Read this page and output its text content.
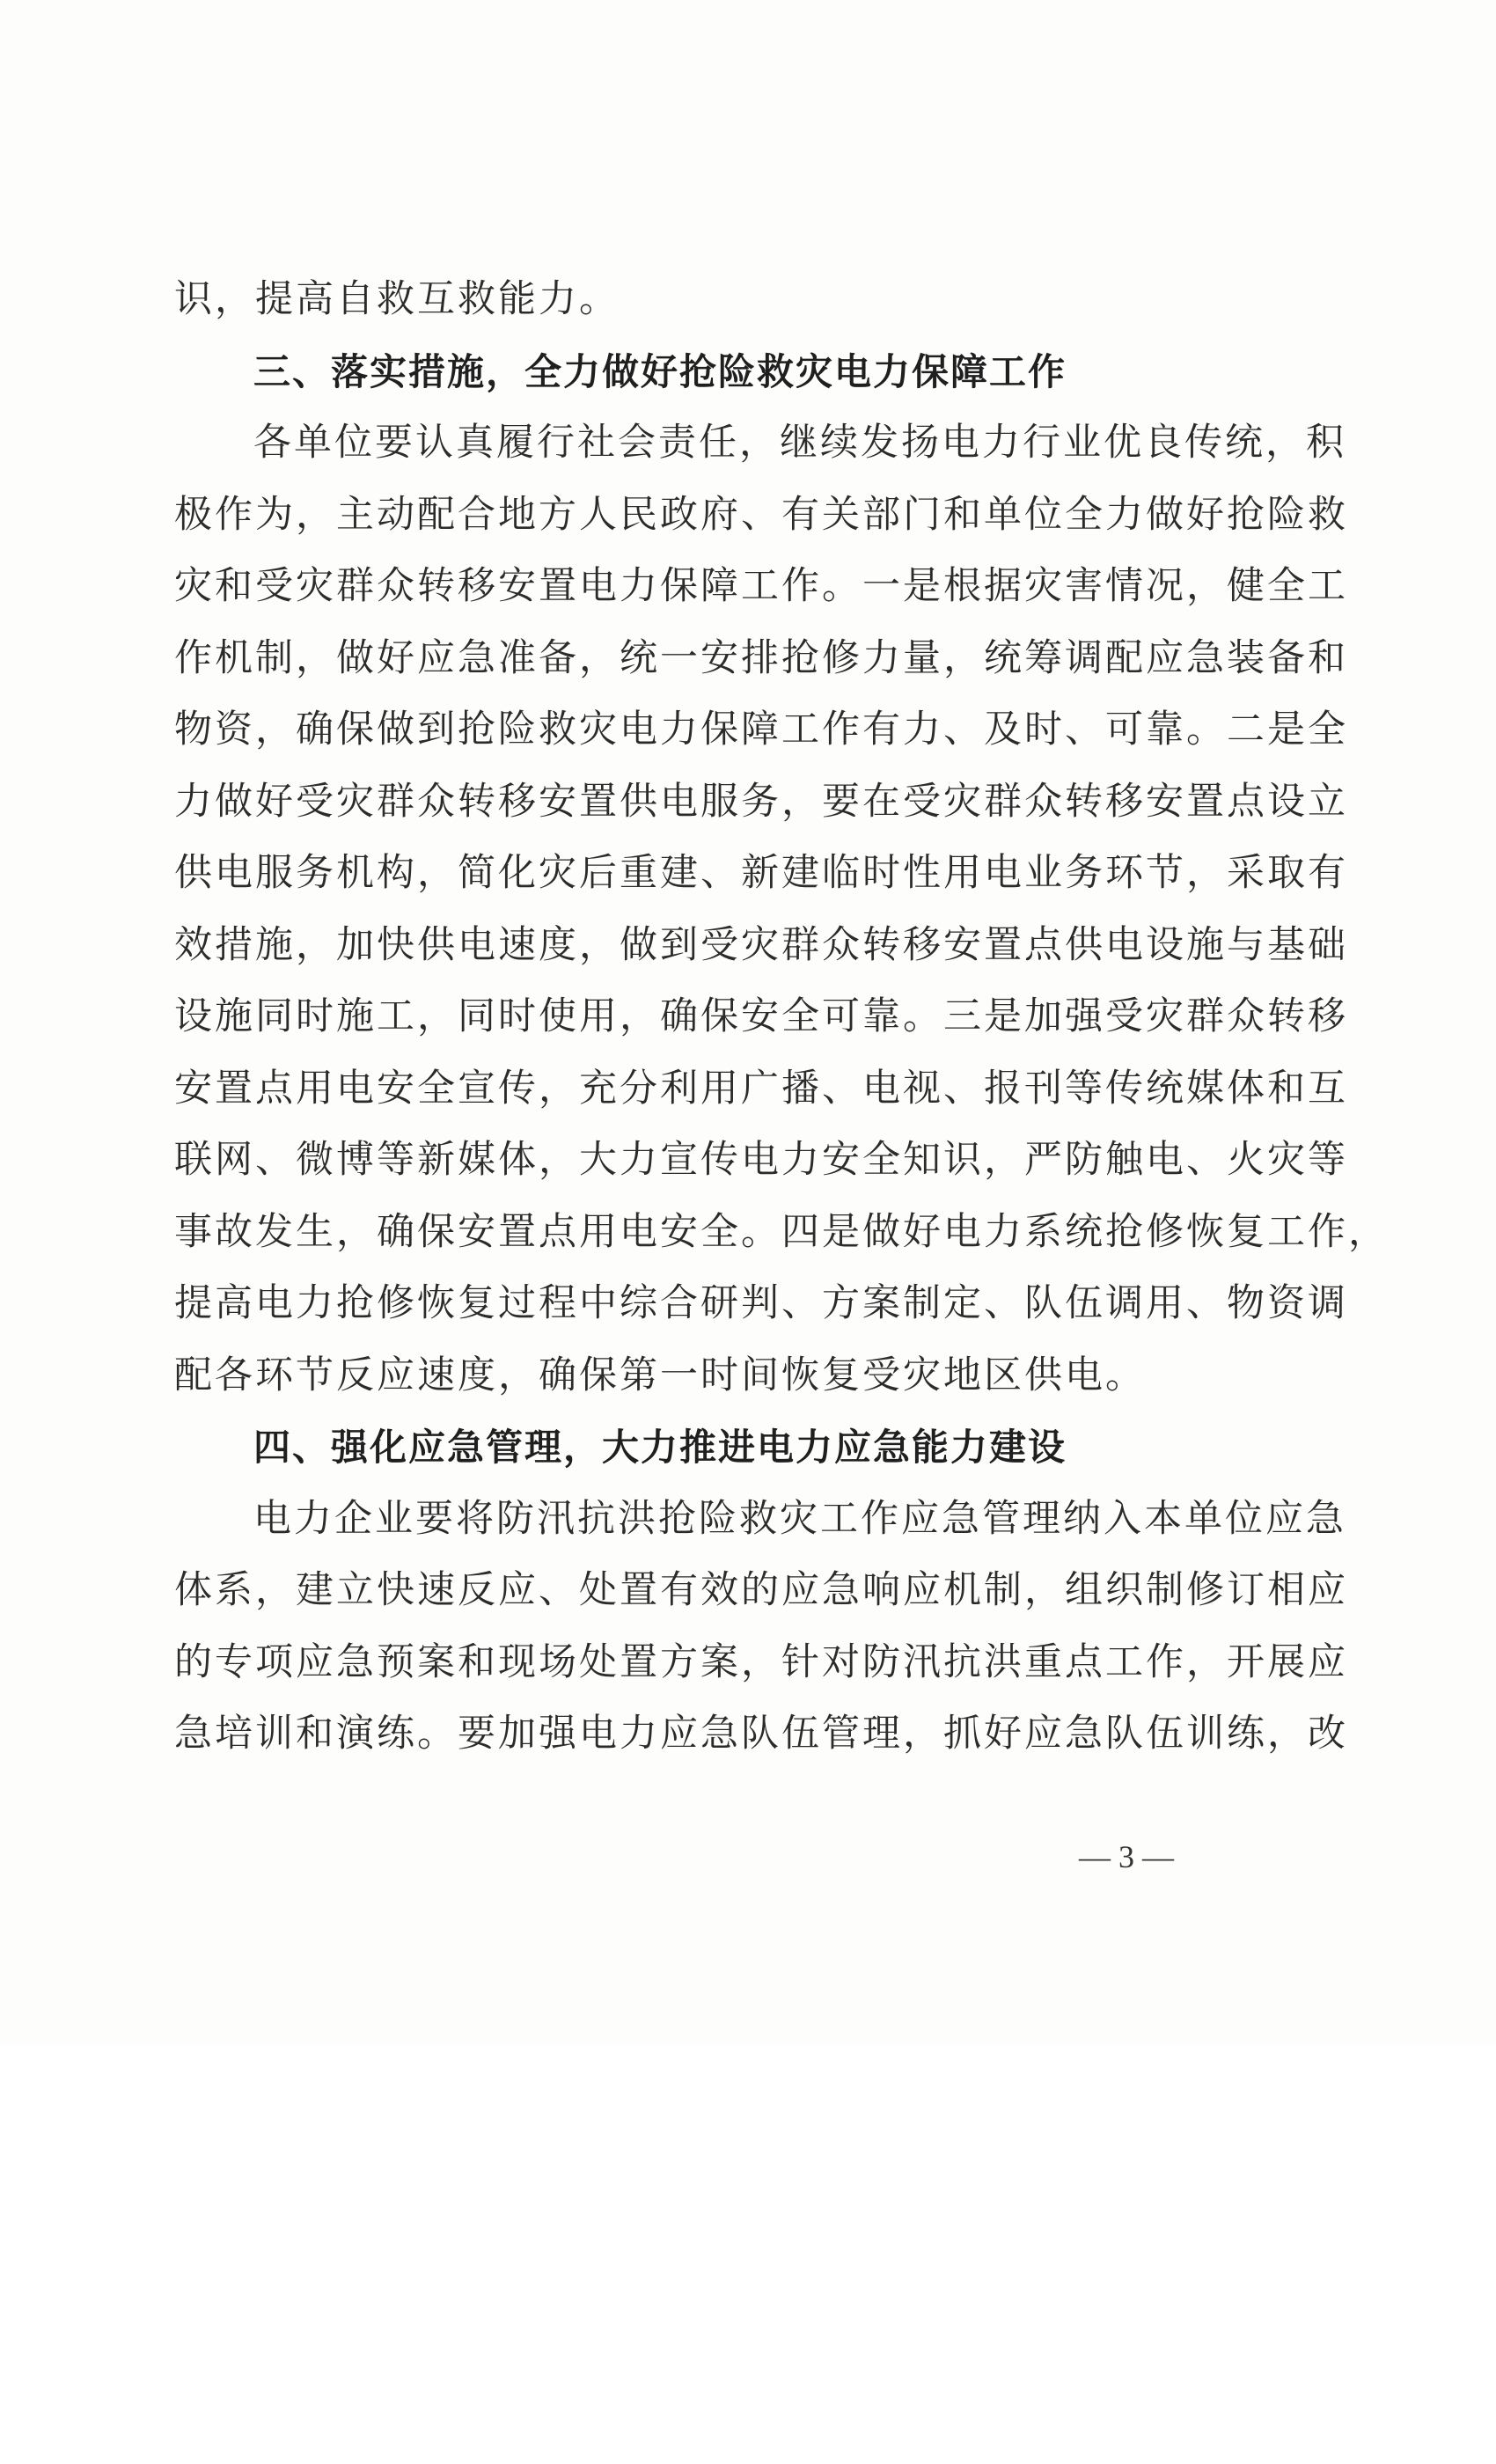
识，提高自救互救能力。
三、落实措施，全力做好抢险救灾电力保障工作
各单位要认真履行社会责任，继续发扬电力行业优良传统，积
极作为，主动配合地方人民政府、有关部门和单位全力做好抢险救
灾和受灾群众转移安置电力保障工作。一是根据灾害情况，健全工
作机制，做好应急准备，统一安排抢修力量，统筹调配应急装备和
物资，确保做到抢险救灾电力保障工作有力、及时、可靠。二是全
力做好受灾群众转移安置供电服务，要在受灾群众转移安置点设立
供电服务机构，简化灾后重建、新建临时性用电业务环节，采取有
效措施，加快供电速度，做到受灾群众转移安置点供电设施与基础
设施同时施工，同时使用，确保安全可靠。三是加强受灾群众转移
安置点用电安全宣传，充分利用广播、电视、报刊等传统媒体和互
联网、微博等新媒体，大力宣传电力安全知识，严防触电、火灾等
事故发生，确保安置点用电安全。四是做好电力系统抢修恢复工作，
提高电力抢修恢复过程中综合研判、方案制定、队伍调用、物资调
配各环节反应速度，确保第一时间恢复受灾地区供电。
四、强化应急管理，大力推进电力应急能力建设
电力企业要将防汛抗洪抢险救灾工作应急管理纳入本单位应急
体系，建立快速反应、处置有效的应急响应机制，组织制修订相应
的专项应急预案和现场处置方案，针对防汛抗洪重点工作，开展应
急培训和演练。要加强电力应急队伍管理，抓好应急队伍训练，改
— 3 —
